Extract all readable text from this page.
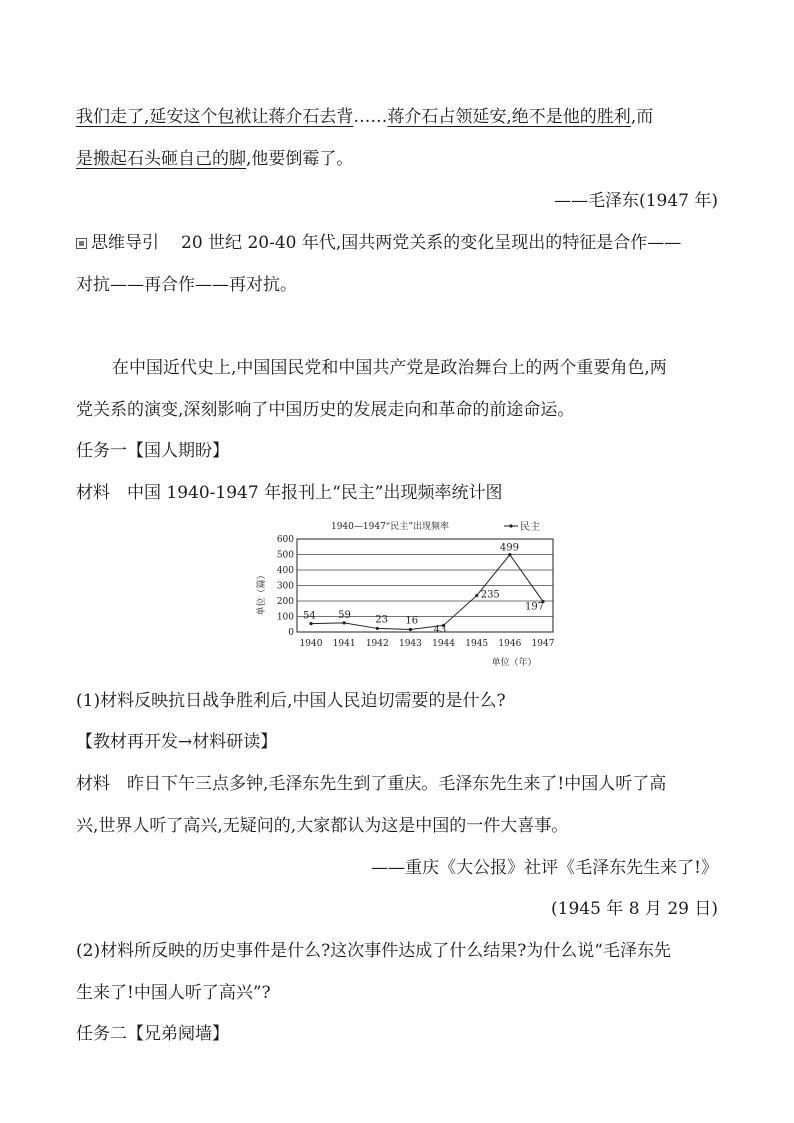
我们走了,延安这个包袱让蒋介石去背……蒋介石占领延安,绝不是他的胜利,而
是搬起石头砸自己的脚,他要倒霉了。
——毛泽东(1947 年)
思维导引 20 世纪 20-40 年代,国共两党关系的变化呈现出的特征是合作——
对抗——再合作——再对抗。
在中国近代史上,中国国民党和中国共产党是政治舞台上的两个重要角色,两
党关系的演变,深刻影响了中国历史的发展走向和革命的前途命运。
任务一【国人期盼】
材料　中国 1940-1947 年报刊上“民主”出现频率统计图
1940—1947“民主”出现频率	民主
600
500
400
300
200
100
0
1940 1941 1942 1943 1944 1945 1946 1947
单位（篇）
单位（年）
54 59 23 16
43
235
499
197
(1)材料反映抗日战争胜利后,中国人民迫切需要的是什么?
【教材再开发→材料研读】
材料　昨日下午三点多钟,毛泽东先生到了重庆。毛泽东先生来了!中国人听了高
兴,世界人听了高兴,无疑问的,大家都认为这是中国的一件大喜事。
——重庆《大公报》社评《毛泽东先生来了!》
(1945 年 8 月 29 日)
(2)材料所反映的历史事件是什么?这次事件达成了什么结果?为什么说“毛泽东先
生来了!中国人听了高兴”?
任务二【兄弟阋墙】
